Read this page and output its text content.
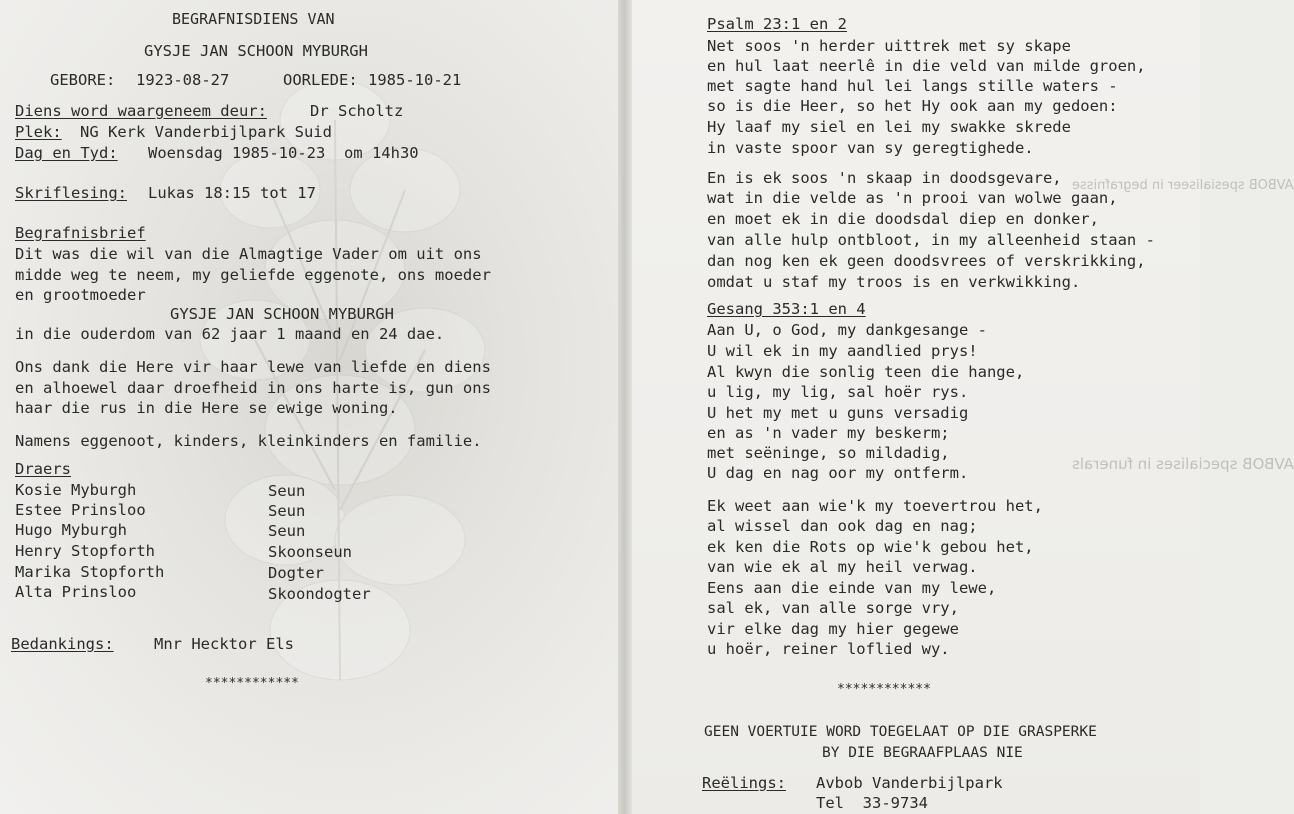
BEGRAFNISDIENS VAN
GYSJE JAN SCHOON MYBURGH
GEBORE: 1923-08-27	OORLEDE: 1985-10-21
Diens word waargeneem deur:	Dr Scholtz
Plek: NG Kerk Vanderbijlpark Suid
Dag en Tyd: Woensdag 1985-10-23  om 14h30
Skriflesing: Lukas 18:15 tot 17
Begrafnisbrief
Dit was die wil van die Almagtige Vader om uit ons
midde weg te neem, my geliefde eggenote, ons moeder
en grootmoeder
GYSJE JAN SCHOON MYBURGH
in die ouderdom van 62 jaar 1 maand en 24 dae.
Ons dank die Here vir haar lewe van liefde en diens
en alhoewel daar droefheid in ons harte is, gun ons
haar die rus in die Here se ewige woning.
Namens eggenoot, kinders, kleinkinders en familie.
Draers
Kosie Myburgh	Seun
Estee Prinsloo	Seun
Hugo Myburgh	Seun
Henry Stopforth	Skoonseun
Marika Stopforth	Dogter
Alta Prinsloo	Skoondogter
Bedankings:	Mnr Hecktor Els
************
AVBOB spesialiseer in begrafnisse
AVBOB specialises in funerals
Psalm 23:1 en 2
Net soos 'n herder uittrek met sy skape
en hul laat neerlê in die veld van milde groen,
met sagte hand hul lei langs stille waters -
so is die Heer, so het Hy ook aan my gedoen:
Hy laaf my siel en lei my swakke skrede
in vaste spoor van sy geregtighede.
En is ek soos 'n skaap in doodsgevare,
wat in die velde as 'n prooi van wolwe gaan,
en moet ek in die doodsdal diep en donker,
van alle hulp ontbloot, in my alleenheid staan -
dan nog ken ek geen doodsvrees of verskrikking,
omdat u staf my troos is en verkwikking.
Gesang 353:1 en 4
Aan U, o God, my dankgesange -
U wil ek in my aandlied prys!
Al kwyn die sonlig teen die hange,
u lig, my lig, sal hoër rys.
U het my met u guns versadig
en as 'n vader my beskerm;
met seëninge, so mildadig,
U dag en nag oor my ontferm.
Ek weet aan wie'k my toevertrou het,
al wissel dan ook dag en nag;
ek ken die Rots op wie'k gebou het,
van wie ek al my heil verwag.
Eens aan die einde van my lewe,
sal ek, van alle sorge vry,
vir elke dag my hier gegewe
u hoër, reiner loflied wy.
************
GEEN VOERTUIE WORD TOEGELAAT OP DIE GRASPERKE
BY DIE BEGRAAFPLAAS NIE
Reëlings: Avbob Vanderbijlpark
Tel  33-9734
